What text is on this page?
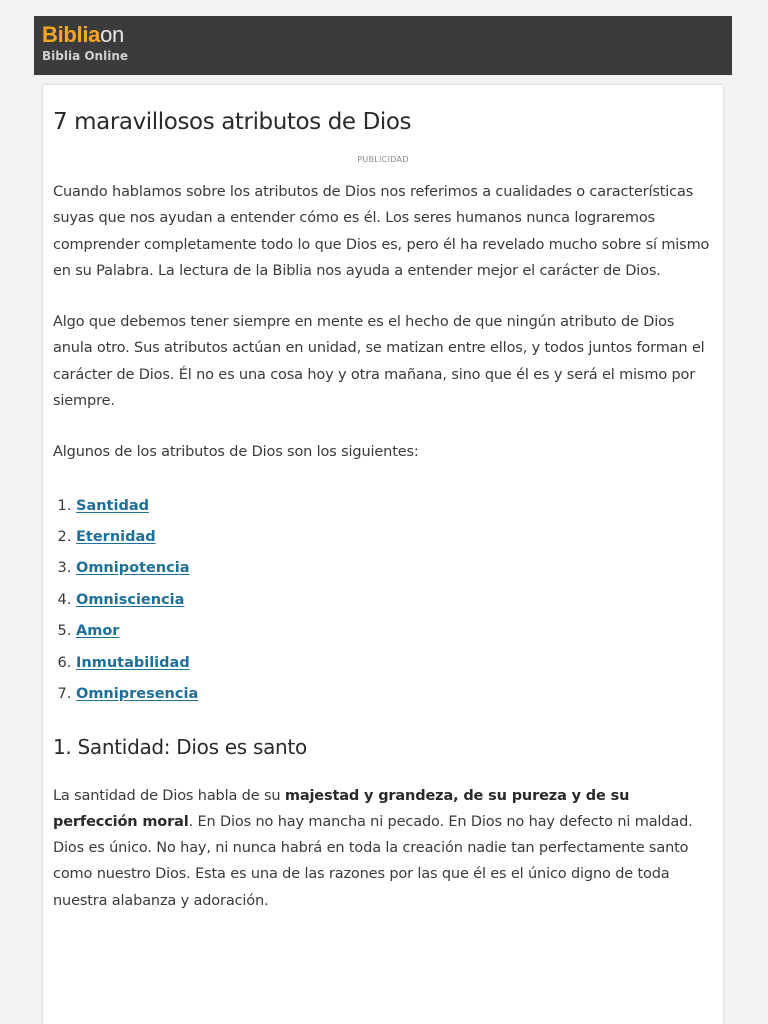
Bibliaon
Biblia Online
7 maravillosos atributos de Dios
PUBLICIDAD

Cuando hablamos sobre los atributos de Dios nos referimos a cualidades o características suyas que nos ayudan a entender cómo es él. Los seres humanos nunca lograremos comprender completamente todo lo que Dios es, pero él ha revelado mucho sobre sí mismo en su Palabra. La lectura de la Biblia nos ayuda a entender mejor el carácter de Dios.

Algo que debemos tener siempre en mente es el hecho de que ningún atributo de Dios anula otro. Sus atributos actúan en unidad, se matizan entre ellos, y todos juntos forman el carácter de Dios. Él no es una cosa hoy y otra mañana, sino que él es y será el mismo por siempre.

Algunos de los atributos de Dios son los siguientes:

1. Santidad
2. Eternidad
3. Omnipotencia
4. Omnisciencia
5. Amor
6. Inmutabilidad
7. Omnipresencia
1. Santidad: Dios es santo

La santidad de Dios habla de su majestad y grandeza, de su pureza y de su perfección moral. En Dios no hay mancha ni pecado. En Dios no hay defecto ni maldad. Dios es único. No hay, ni nunca habrá en toda la creación nadie tan perfectamente santo como nuestro Dios. Esta es una de las razones por las que él es el único digno de toda nuestra alabanza y adoración.
